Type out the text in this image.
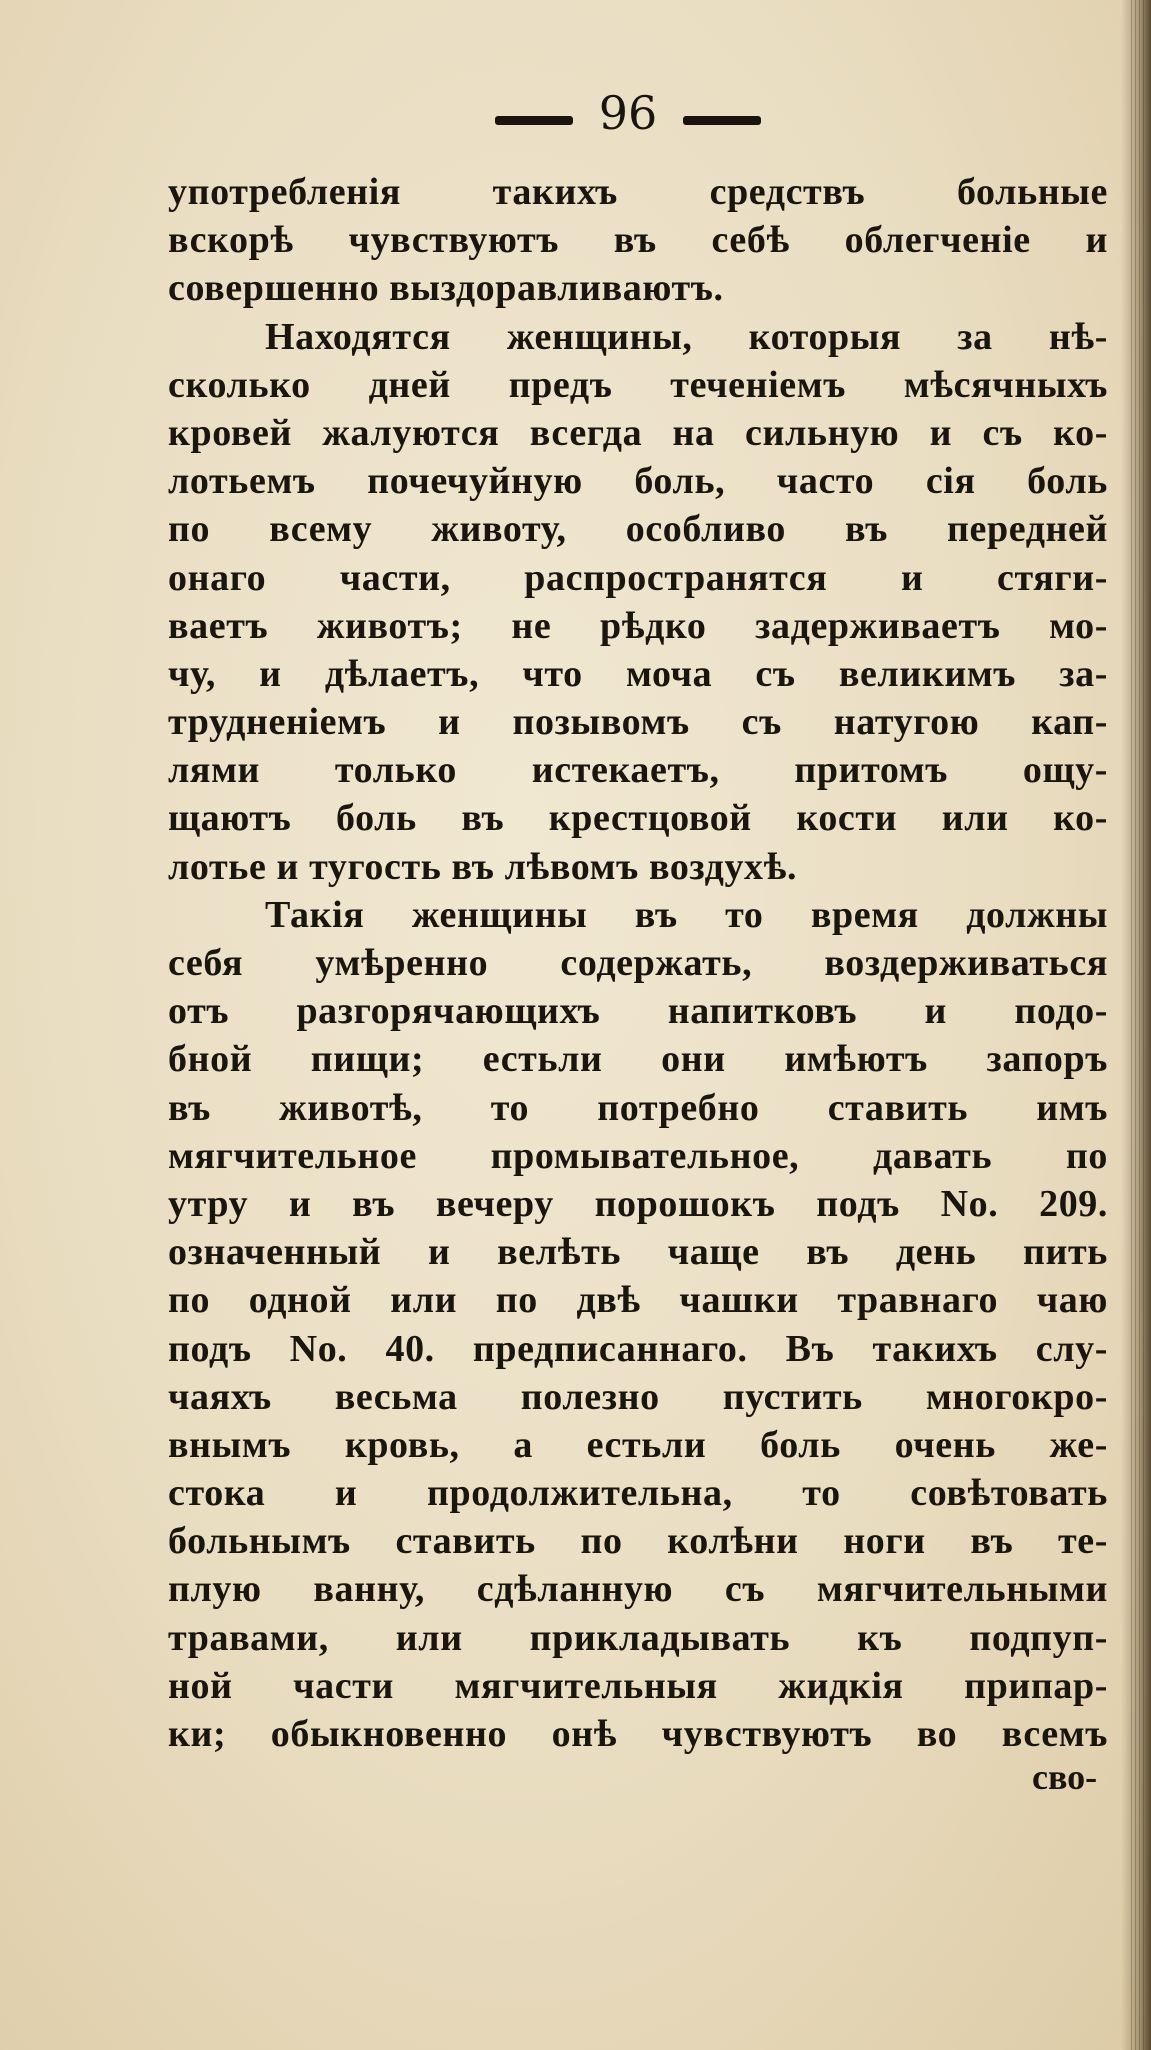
96
употребленія такихъ средствъ больные
вскорѣ чувствуютъ въ себѣ облегченіе и
совершенно выздоравливаютъ.
Находятся женщины, которыя за нѣ-
сколько дней предъ теченіемъ мѣсячныхъ
кровей жалуются всегда на сильную и съ ко-
лотьемъ почечуйную боль, часто сія боль
по всему животу, особливо въ передней
онаго части, распространятся и стяги-
ваетъ животъ; не рѣдко задерживаетъ мо-
чу, и дѣлаетъ, что моча съ великимъ за-
трудненіемъ и позывомъ съ натугою кап-
лями только истекаетъ, притомъ ощу-
щаютъ боль въ крестцовой кости или ко-
лотье и тугость въ лѣвомъ воздухѣ.
Такія женщины въ то время должны
себя умѣренно содержать, воздерживаться
отъ разгорячающихъ напитковъ и подо-
бной пищи; естьли они имѣютъ запоръ
въ животѣ, то потребно ставить имъ
мягчительное промывательное, давать по
утру и въ вечеру порошокъ подъ No. 209.
означенный и велѣть чаще въ день пить
по одной или по двѣ чашки травнаго чаю
подъ No. 40. предписаннаго. Въ такихъ слу-
чаяхъ весьма полезно пустить многокро-
внымъ кровь, а естьли боль очень же-
стока и продолжительна, то совѣтовать
больнымъ ставить по колѣни ноги въ те-
плую ванну, сдѣланную съ мягчительными
травами, или прикладывать къ подпуп-
ной части мягчительныя жидкія припар-
ки; обыкновенно онѣ чувствуютъ во всемъ
сво-
